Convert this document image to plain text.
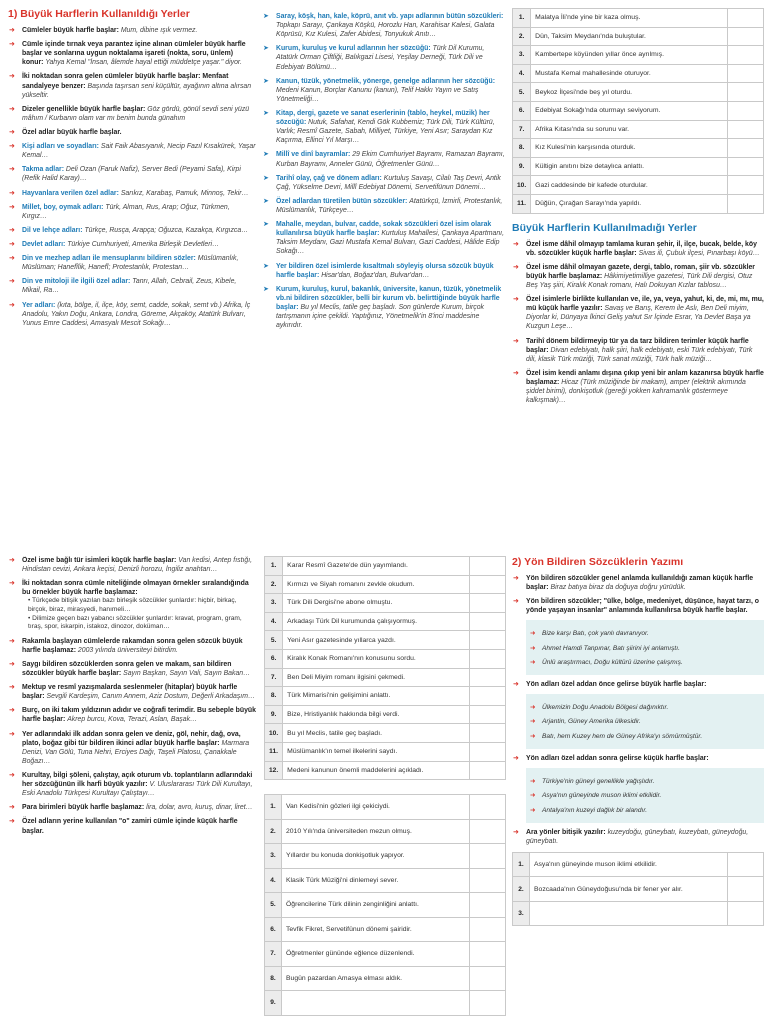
1) Büyük Harflerin Kullanıldığı Yerler
➜ Cümleler büyük harfle başlar: Mum, dibine ışık vermez.
➜ Cümle içinde tırnak veya parantez içine alınan cümleler büyük harfle başlar ve sonlarına uygun noktalama işareti (nokta, soru, ünlem) konur: Yahya Kemal "İnsan, âlemde hayal ettiği müddetçe yaşar." diyor.
➜ İki noktadan sonra gelen cümleler büyük harfle başlar: Menfaat sandalyeye benzer: Başında taşırsan seni küçültür, ayağının altına alırsan yükseltir.
➜ Dizeler genellikle büyük harfle başlar: Göz gördü, gönül sevdi seni yüzü mâhım / Kurbanın olam var mı benim bunda günahım
➜ Özel adlar büyük harfle başlar.
➜ Kişi adları ve soyadları: Sait Faik Abasıyanık, Necip Fazıl Kısakürek, Yaşar Kemal…
➜ Takma adlar: Deli Ozan (Faruk Nafiz), Server Bedi (Peyami Safa), Kirpi (Refik Halid Karay)…
➜ Hayvanlara verilen özel adlar: Sarıkız, Karabaş, Pamuk, Minnoş, Tekir…
➜ Millet, boy, oymak adları: Türk, Alman, Rus, Arap; Oğuz, Türkmen, Kırgız…
➜ Dil ve lehçe adları: Türkçe, Rusça, Arapça; Oğuzca, Kazakça, Kırgızca…
➜ Devlet adları: Türkiye Cumhuriyeti, Amerika Birleşik Devletleri…
➜ Din ve mezhep adları ile mensuplarını bildiren sözler: Müslümanlık, Müslüman; Hanefîlik, Hanefî; Protestanlık, Protestan…
➜ Din ve mitoloji ile ilgili özel adlar: Tanrı, Allah, Cebrail, Zeus, Kibele, Mikail, Ra…
➜ Yer adları: (kıta, bölge, il, ilçe, köy, semt, cadde, sokak, semt vb.) Afrika, İç Anadolu, Yakın Doğu, Ankara, Londra, Göreme, Akçaköy, Atatürk Bulvarı, Yunus Emre Caddesi, Amasyalı Mescit Sokağı…
➤ Saray, köşk, han, kale, köprü, anıt vb. yapı adlarının bütün sözcükleri: Topkapı Sarayı, Çankaya Köşkü, Horozlu Han, Karahisar Kalesi, Galata Köprüsü, Kız Kulesi, Zafer Abidesi, Tonyukuk Anıtı…
➤ Kurum, kuruluş ve kurul adlarının her sözcüğü: Türk Dil Kurumu, Atatürk Orman Çiftliği, Balıkgazi Lisesi, Yeşilay Derneği, Türk Dili ve Edebiyatı Bölümü…
➤ Kanun, tüzük, yönetmelik, yönerge, genelge adlarının her sözcüğü: Medeni Kanun, Borçlar Kanunu (kanun), Telif Hakkı Yayın ve Satış Yönetmeliği…
➤ Kitap, dergi, gazete ve sanat eserlerinin (tablo, heykel, müzik) her sözcüğü: Nutuk, Safahat, Kendi Gök Kubbemiz; Türk Dili, Türk Kültürü, Varlık; Resmî Gazete, Sabah, Milliyet, Türkiye, Yeni Asır; Saraydan Kız Kaçırma, Ellinci Yıl Marşı…
➤ Millî ve dinî bayramlar: 29 Ekim Cumhuriyet Bayramı, Ramazan Bayramı, Kurban Bayramı, Anneler Günü, Öğretmenler Günü…
➤ Tarihî olay, çağ ve dönem adları: Kurtuluş Savaşı, Cilalı Taş Devri, Antik Çağ, Yükselme Devri, Millî Edebiyat Dönemi, Servetifünun Dönemi…
➤ Özel adlardan türetilen bütün sözcükler: Atatürkçü, İzmirli, Protestanlık, Müslümanlık, Türkçeye…
➤ Mahalle, meydan, bulvar, cadde, sokak sözcükleri özel isim olarak kullanılırsa büyük harfle başlar: Kurtuluş Mahallesi, Çankaya Apartmanı, Taksim Meydanı, Gazi Mustafa Kemal Bulvarı, Gazi Caddesi, Hâlide Edip Sokağı…
➤ Yer bildiren özel isimlerde kısaltmalı söyleyiş olursa sözcük büyük harfle başlar: Hisar'dan, Boğaz'dan, Bulvar'dan…
➤ Kurum, kuruluş, kurul, bakanlık, üniversite, kanun, tüzük, yönetmelik vb.ni bildiren sözcükler, belli bir kurum vb. belirttiğinde büyük harfle başlar: Bu yıl Meclis, tatile geç başladı. Son günlerde Kurum, birçok tartışmanın içine çekildi. Yaptığınız, Yönetmelik'in 8'inci maddesine aykırıdır.
1.	Malatya İli'nde yine bir kaza olmuş.	
2.	Dün, Taksim Meydanı'nda buluştular.	
3.	Kambertepe köyünden yıllar önce ayrılmış.	
4.	Mustafa Kemal mahallesinde oturuyor.	
5.	Beykoz İlçesi'nde beş yıl oturdu.	
6.	Edebiyat Sokağı'nda oturmayı seviyorum.	
7.	Afrika Kıtası'nda su sorunu var.	
8.	Kız Kulesi'nin karşısında oturduk.	
9.	Kültigin anıtını bize detaylıca anlattı.	
10.	Gazi caddesinde bir kafede oturdular.	
11.	Düğün, Çırağan Sarayı'nda yapıldı.	
Büyük Harflerin Kullanılmadığı Yerler
➜ Özel isme dâhil olmayıp tamlama kuran şehir, il, ilçe, bucak, belde, köy vb. sözcükler küçük harfle başlar: Sivas ili, Çubuk ilçesi, Pınarbaşı köyü…
➜ Özel isme dâhil olmayan gazete, dergi, tablo, roman, şiir vb. sözcükler büyük harfle başlamaz: Hâkimiyetimilliye gazetesi, Türk Dili dergisi, Otuz Beş Yaş şiiri, Kiralık Konak romanı, Halı Dokuyan Kızlar tablosu…
➜ Özel isimlerle birlikte kullanılan ve, ile, ya, veya, yahut, ki, de, mi, mı, mu, mü küçük harfle yazılır: Savaş ve Barış, Kerem ile Aslı, Ben Deli miyim, Diyorlar ki, Dünyaya İkinci Geliş yahut Sır İçinde Esrar, Ya Devlet Başa ya Kuzgun Leşe…
➜ Tarihî dönem bildirmeyip tür ya da tarz bildiren terimler küçük harfle başlar: Divan edebiyatı, halk şiiri, halk edebiyatı, eski Türk edebiyatı, Türk dili, klasik Türk müziği, Türk sanat müziği, Türk halk müziği…
➜ Özel isim kendi anlamı dışına çıkıp yeni bir anlam kazanırsa büyük harfle başlamaz: Hicaz (Türk müziğinde bir makam), amper (elektrik akımında şiddet birimi), donkişotluk (gereği yokken kahramanlık göstermeye kalkışmak)…
➜ Özel isme bağlı tür isimleri küçük harfle başlar: Van kedisi, Antep fıstığı, Hindistan cevizi, Ankara keçisi, Denizli horozu, İngiliz anahtarı…
➜ İki noktadan sonra cümle niteliğinde olmayan örnekler sıralandığında bu örnekler büyük harfle başlamaz:
• Türkçede bitişik yazılan bazı birleşik sözcükler şunlardır: hiçbir, birkaç, birçok, biraz, mirasyedi, hanımeli…
• Dilimize geçen bazı yabancı sözcükler şunlardır: kravat, program, gram, tıraş, spor, iskarpin, istakoz, dinozor, doküman…
➜ Rakamla başlayan cümlelerde rakamdan sonra gelen sözcük büyük harfle başlamaz: 2003 yılında üniversiteyi bitirdim.
➜ Saygı bildiren sözcüklerden sonra gelen ve makam, san bildiren sözcükler büyük harfle başlar: Sayın Başkan, Sayın Vali, Sayın Bakan…
➜ Mektup ve resmî yazışmalarda seslenmeler (hitaplar) büyük harfle başlar: Sevgili Kardeşim, Canım Annem, Aziz Dostum, Değerli Arkadaşım…
➜ Burç, on iki takım yıldızının adıdır ve coğrafi terimdir. Bu sebeple büyük harfle başlar: Akrep burcu, Kova, Terazi, Aslan, Başak…
➜ Yer adlarındaki ilk addan sonra gelen ve deniz, göl, nehir, dağ, ova, plato, boğaz gibi tür bildiren ikinci adlar büyük harfle başlar: Marmara Denizi, Van Gölü, Tuna Nehri, Erciyes Dağı, Taşeli Platosu, Çanakkale Boğazı…
➜ Kurultay, bilgi şöleni, çalıştay, açık oturum vb. toplantıların adlarındaki her sözcüğünün ilk harfi büyük yazılır: V. Uluslararası Türk Dili Kurultayı, Eski Anadolu Türkçesi Kurultayı Çalıştayı…
➜ Para birimleri büyük harfle başlamaz: lira, dolar, avro, kuruş, dinar, liret…
➜ Özel adların yerine kullanılan "o" zamiri cümle içinde küçük harfle başlar.
1.	Karar Resmî Gazete'de dün yayımlandı.	
2.	Kırmızı ve Siyah romanını zevkle okudum.	
3.	Türk Dili Dergisi'ne abone olmuştu.	
4.	Arkadaşı Türk Dil kurumunda çalışıyormuş.	
5.	Yeni Asır gazetesinde yıllarca yazdı.	
6.	Kiralık Konak Romanı'nın konusunu sordu.	
7.	Ben Deli Miyim romanı ilgisini çekmedi.	
8.	Türk Mimarisi'nin gelişimini anlattı.	
9.	Bize, Hristiyanlık hakkında bilgi verdi.	
10.	Bu yıl Meclis, tatile geç başladı.	
11.	Müslümanlık'ın temel ilkelerini saydı.	
12.	Medeni kanunun önemli maddelerini açıkladı.	
1.	Van Kedisi'nin gözleri ilgi çekiciydi.	
2.	2010 Yılı'nda üniversiteden mezun olmuş.	
3.	Yıllardır bu konuda donkişotluk yapıyor.	
4.	Klasik Türk Müziği'ni dinlemeyi sever.	
5.	Öğrencilerine Türk dilinin zenginliğini anlattı.	
6.	Tevfik Fikret, Servetifünun dönemi şairidir.	
7.	Öğretmenler gününde eğlence düzenlendi.	
8.	Bugün pazardan Amasya elması aldık.	
9.		
2) Yön Bildiren Sözcüklerin Yazımı
➜ Yön bildiren sözcükler genel anlamda kullanıldığı zaman küçük harfle başlar: Biraz batıya biraz da doğuya doğru yürüdük.
➜ Yön bildiren sözcükler; "ülke, bölge, medeniyet, düşünce, hayat tarzı, o yönde yaşayan insanlar" anlamında kullanılırsa büyük harfle başlar.
➜ Bize karşı Batı, çok yanlı davranıyor.
➜ Ahmet Hamdi Tanpınar, Batı şiirini iyi anlamıştı.
➜ Ünlü araştırmacı, Doğu kültürü üzerine çalışmış.
➜ Yön adları özel addan önce gelirse büyük harfle başlar:
➜ Ülkemizin Doğu Anadolu Bölgesi dağınıktır.
➜ Arjantin, Güney Amerika ülkesidir.
➜ Batı, hem Kuzey hem de Güney Afrika'yı sömürmüştür.
➜ Yön adları özel addan sonra gelirse küçük harfle başlar:
➜ Türkiye'nin güneyi genellikle yağışlıdır.
➜ Asya'nın güneyinde muson iklimi etkilidir.
➜ Antalya'nın kuzeyi dağlık bir alandır.
➜ Ara yönler bitişik yazılır: kuzeydoğu, güneybatı, kuzeybatı, güneydoğu, güneybatı.
1.	Asya'nın güneyinde muson iklimi etkilidir.	
2.	Bozcaada'nın Güneydoğusu'nda bir fener yer alır.	
3.		
